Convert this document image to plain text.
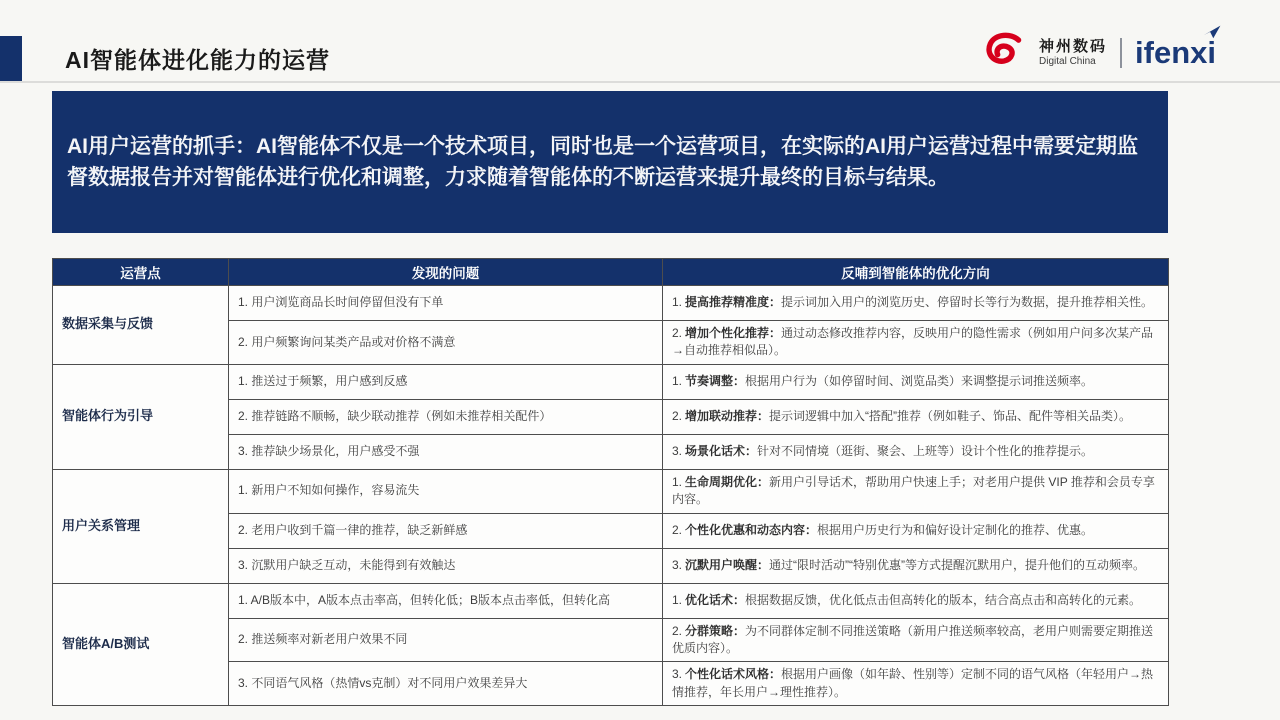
AI智能体进化能力的运营
神州数码
Digital China	ifenxi

AI用户运营的抓手：AI智能体不仅是一个技术项目，同时也是一个运营项目，在实际的AI用户运营过程中需要定期监督数据报告并对智能体进行优化和调整，力求随着智能体的不断运营来提升最终的目标与结果。

运营点	发现的问题	反哺到智能体的优化方向
数据采集与反馈	1. 用户浏览商品长时间停留但没有下单	1. 提高推荐精准度：提示词加入用户的浏览历史、停留时长等行为数据，提升推荐相关性。
	2. 用户频繁询问某类产品或对价格不满意	2. 增加个性化推荐：通过动态修改推荐内容，反映用户的隐性需求（例如用户问多次某产品→自动推荐相似品）。
智能体行为引导	1. 推送过于频繁，用户感到反感	1. 节奏调整：根据用户行为（如停留时间、浏览品类）来调整提示词推送频率。
	2. 推荐链路不顺畅，缺少联动推荐（例如未推荐相关配件）	2. 增加联动推荐：提示词逻辑中加入“搭配”推荐（例如鞋子、饰品、配件等相关品类）。
	3. 推荐缺少场景化，用户感受不强	3. 场景化话术：针对不同情境（逛街、聚会、上班等）设计个性化的推荐提示。
用户关系管理	1. 新用户不知如何操作，容易流失	1. 生命周期优化：新用户引导话术，帮助用户快速上手；对老用户提供 VIP 推荐和会员专享内容。
	2. 老用户收到千篇一律的推荐，缺乏新鲜感	2. 个性化优惠和动态内容：根据用户历史行为和偏好设计定制化的推荐、优惠。
	3. 沉默用户缺乏互动，未能得到有效触达	3. 沉默用户唤醒：通过“限时活动”“特别优惠”等方式提醒沉默用户，提升他们的互动频率。
智能体A/B测试	1. A/B版本中，A版本点击率高，但转化低；B版本点击率低，但转化高	1. 优化话术：根据数据反馈，优化低点击但高转化的版本，结合高点击和高转化的元素。
	2. 推送频率对新老用户效果不同	2. 分群策略：为不同群体定制不同推送策略（新用户推送频率较高，老用户则需要定期推送优质内容）。
	3. 不同语气风格（热情vs克制）对不同用户效果差异大	3. 个性化话术风格：根据用户画像（如年龄、性别等）定制不同的语气风格（年轻用户→热情推荐，年长用户→理性推荐）。
